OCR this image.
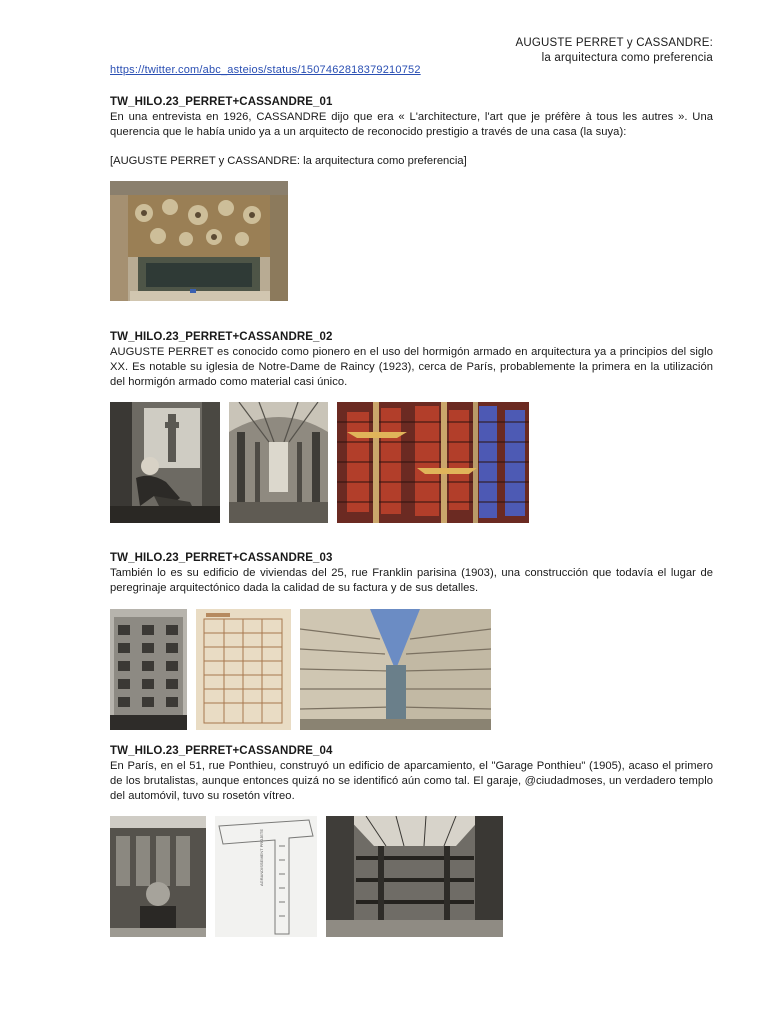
AUGUSTE PERRET y CASSANDRE:
la arquitectura como preferencia
https://twitter.com/abc_asteios/status/1507462818379210752
TW_HILO.23_PERRET+CASSANDRE_01
En una entrevista en 1926, CASSANDRE dijo que era « L'architecture, l'art que je préfère à tous les autres ». Una querencia que le había unido ya a un arquitecto de reconocido prestigio a través de una casa (la suya):
[AUGUSTE PERRET y CASSANDRE: la arquitectura como preferencia]
TW_HILO.23_PERRET+CASSANDRE_02
AUGUSTE PERRET es conocido como pionero en el uso del hormigón armado en arquitectura ya a principios del siglo XX. Es notable su iglesia de Notre-Dame de Raincy (1923), cerca de París, probablemente la primera en la utilización del hormigón armado como material casi único.
TW_HILO.23_PERRET+CASSANDRE_03
También lo es su edificio de viviendas del 25, rue Franklin parisina (1903), una construcción que todavía el lugar de peregrinaje arquitectónico dada la calidad de su factura y de sus detalles.
TW_HILO.23_PERRET+CASSANDRE_04
En París, en el 51, rue Ponthieu, construyó un edificio de aparcamiento, el "Garage Ponthieu" (1905), acaso el primero de los brutalistas, aunque entonces quizá no se identificó aún como tal. El garaje, @ciudadmoses, un verdadero templo del automóvil, tuvo su rosetón vítreo.
AGRANDISSEMENT PROJETE
